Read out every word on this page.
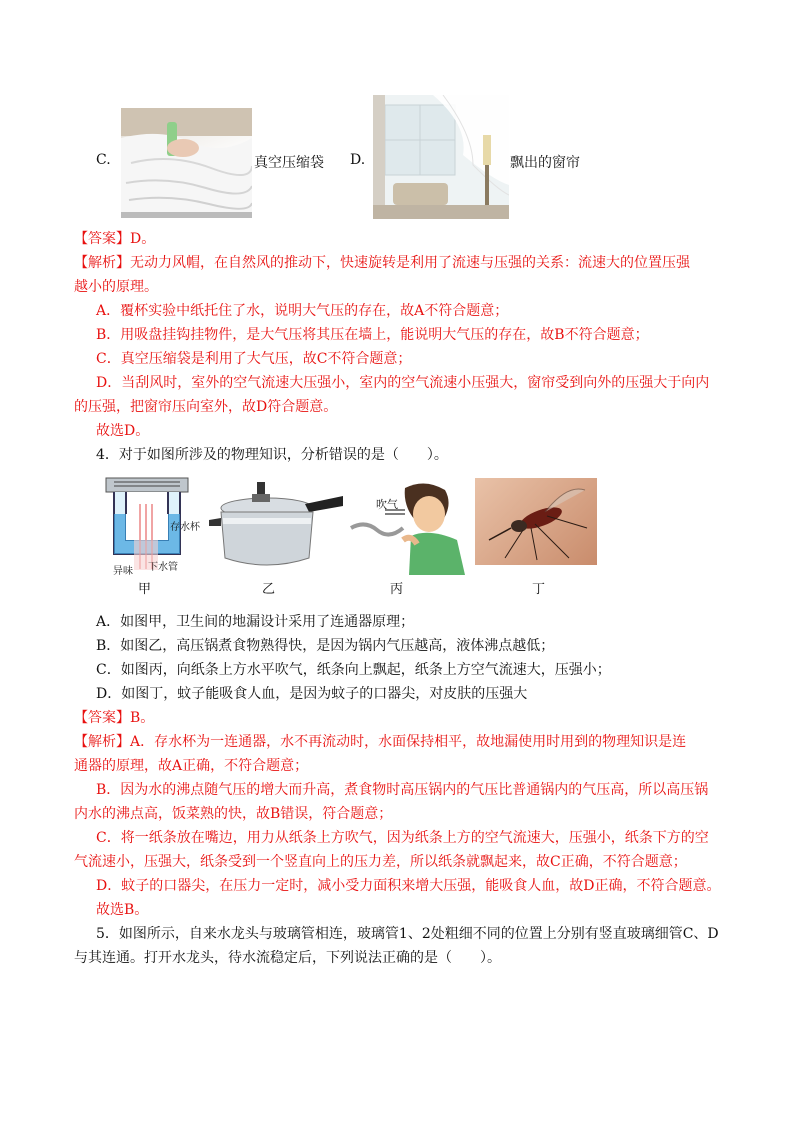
C.	真空压缩袋 D.	飘出的窗帘
【答案】D。
【解析】无动力风帽，在自然风的推动下，快速旋转是利用了流速与压强的关系：流速大的位置压强
越小的原理。
A．覆杯实验中纸托住了水，说明大气压的存在，故A不符合题意；
B．用吸盘挂钩挂物件，是大气压将其压在墙上，能说明大气压的存在，故B不符合题意；
C．真空压缩袋是利用了大气压，故C不符合题意；
D．当刮风时，室外的空气流速大压强小，室内的空气流速小压强大，窗帘受到向外的压强大于向内
的压强，把窗帘压向室外，故D符合题意。
故选D。
4．对于如图所涉及的物理知识，分析错误的是（ ）。
存水杯
异味 下水管
甲	乙
吹气
丙	丁
A．如图甲，卫生间的地漏设计采用了连通器原理；
B．如图乙，高压锅煮食物熟得快，是因为锅内气压越高，液体沸点越低；
C．如图丙，向纸条上方水平吹气，纸条向上飘起，纸条上方空气流速大，压强小；
D．如图丁，蚊子能吸食人血，是因为蚊子的口器尖，对皮肤的压强大
【答案】B。
【解析】A．存水杯为一连通器，水不再流动时，水面保持相平，故地漏使用时用到的物理知识是连
通器的原理，故A正确，不符合题意；
B．因为水的沸点随气压的增大而升高，煮食物时高压锅内的气压比普通锅内的气压高，所以高压锅
内水的沸点高，饭菜熟的快，故B错误，符合题意；
C．将一纸条放在嘴边，用力从纸条上方吹气，因为纸条上方的空气流速大，压强小，纸条下方的空
气流速小，压强大，纸条受到一个竖直向上的压力差，所以纸条就飘起来，故C正确，不符合题意；
D．蚊子的口器尖，在压力一定时，减小受力面积来增大压强，能吸食人血，故D正确，不符合题意。
故选B。
5．如图所示，自来水龙头与玻璃管相连，玻璃管1、2处粗细不同的位置上分别有竖直玻璃细管C、D
与其连通。打开水龙头，待水流稳定后，下列说法正确的是（ ）。
